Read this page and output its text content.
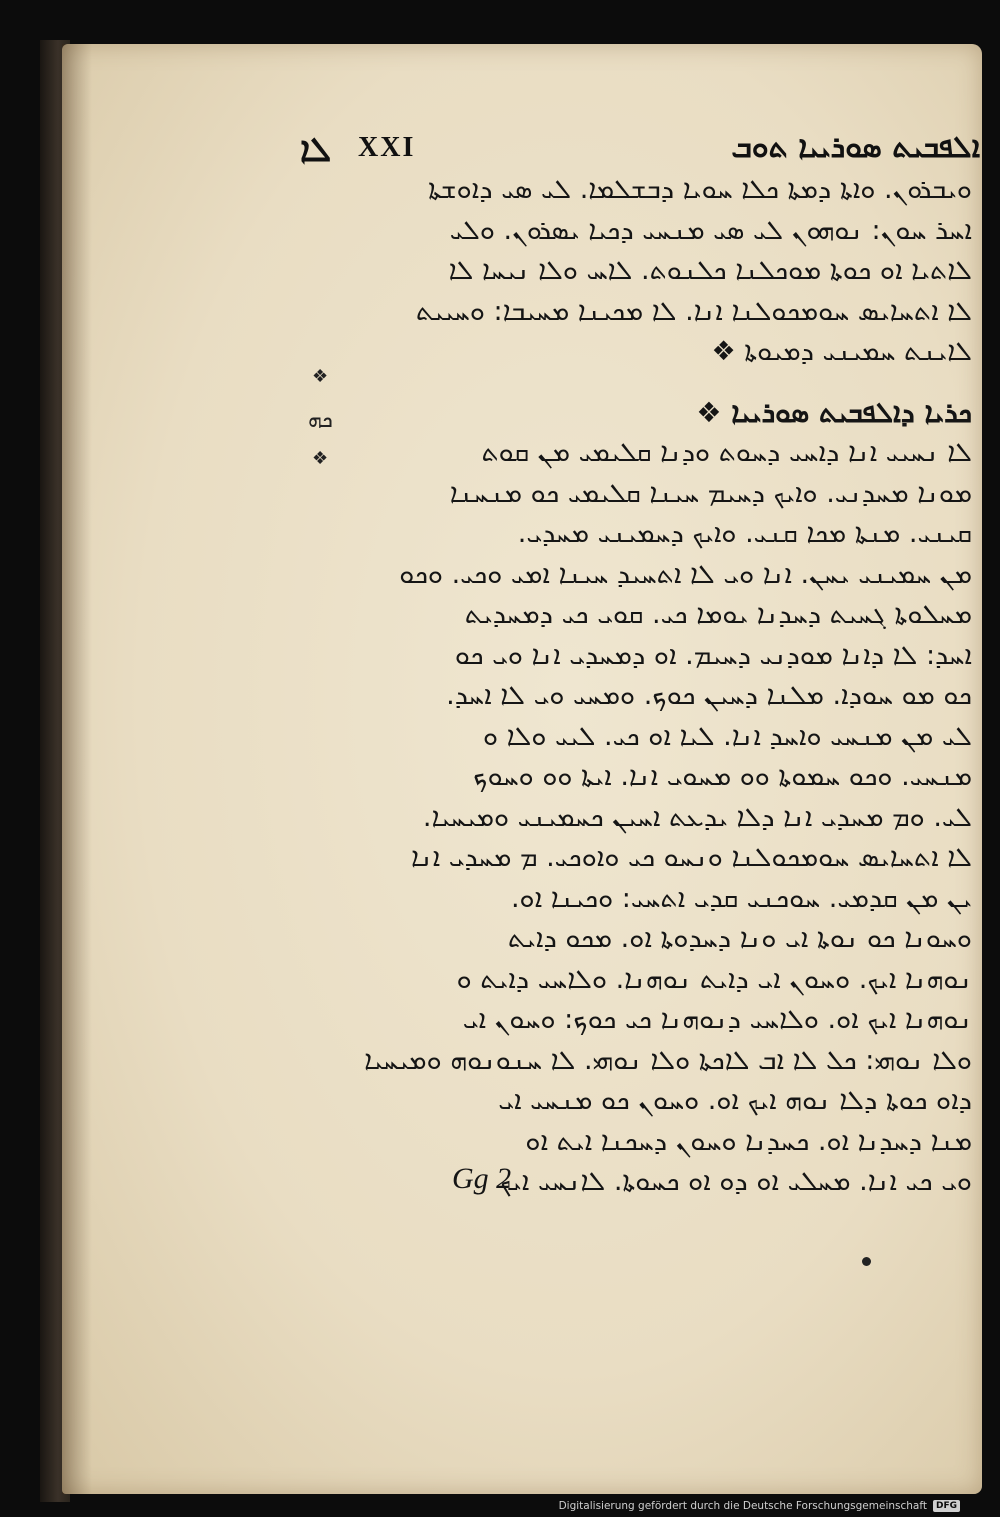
ܠܐ XXI	ܐܠܦܒܝܬ ܣܘܪܝܝܐ ܬܘܒ
❖
ܟܗ
❖
ܘܝܒܪܘܢ. ܘܐܬܐ ܕܡܬܐ ܟܠܐ ܚܘܝܐ ܕܒܫܠܡܐ. ܠܝ ܣܝ ܕܐܘܫܬܐ
ܐܚܪ ܚܘܢ: ܢܘܗܘܢ ܠܝ ܣܝ ܡܢܚܝ ܕܟܝܐ ܝܣܪܘܢ. ܘܠܝ
ܠܐܬܝܐ ܐܘ ܟܘܬܐ ܡܘܟܠܢܐ ܟܠܢܘܬ. ܠܐܚ ܘܠܐ ܢܝܚܐ ܠܐ
ܠܐ ܐܬܚܐܝܣ ܚܘܡܟܘܠܢܐ ܐܢܐ. ܠܐ ܡܟܝܢܐ ܡܚܝܒܐ: ܘܚܝܝܬ
ܠܐܝܢܬ ܚܡܝܢܝ ܕܡܝܘܬܐ ❖
ܟܪܝܐ ܕܐܠܦܒܝܬ ܣܘܪܝܝܐ ❖
ܠܐ ܢܚܝܝ ܐܢܐ ܕܐܚܝ ܕܚܘܬ ܘܕܢܐ ܩܠܝܡܝ ܡܢ ܩܘܬ
ܡܘܢܐ ܡܚܕܢܝ. ܘܐܝܟ ܕܚܝܡ ܚܝܢܐ ܩܠܝܡܝ ܟܘ ܡܢܚܢܐ
ܩܝܢܝ. ܡܢܬܐ ܡܟܐ ܩܢܝ. ܘܐܝܟ ܕܚܡܝܢܝ ܡܚܕܝ.
ܡܢ ܚܡܝܢܝ ܝܚܢ. ܐܢܐ ܘܝ ܠܐ ܐܬܚܝܕ ܚܝܢܐ ܐܡܝ ܘܟܝ. ܘܟܘ
ܡܚܠܘܬܐ ܓܚܝܬ ܕܚܕܢܐ ܝܘܡܐ ܟܝ. ܩܘܝ ܟܝ ܕܡܚܕܝܬ
ܐܚܕ: ܠܐ ܕܐܢܐ ܡܘܕܢܝ ܕܚܝܡ. ܐܘ ܕܡܚܕܝ ܐܢܐ ܘܝ ܟܘ
ܟܘ ܡܘ ܚܘܕܐ. ܡܠܢܐ ܕܚܝܢ ܟܘܟ. ܘܡܚܝ ܘܝ ܠܐ ܐܚܕ.
ܠܝ ܡܢ ܡܢܚܝ ܘܐܚܕ ܐܢܐ. ܠܝܐ ܐܘ ܟܝ. ܠܝܝ ܘܠܐ ܘ
ܡܢܚܝ. ܘܟܘ ܚܡܘܬܐ ܘܘ ܡܚܘܝ ܐܢܐ. ܐܝܬܐ ܘܘ ܘܚܘܟ
ܠܝ. ܘܡ ܡܚܕܝ ܐܢܐ ܕܠܐ ܝܕܥܬ ܐܚܝܢ ܟܚܡܝܢܝ ܘܡܝܚܝܐ.
ܠܐ ܐܬܚܐܝܣ ܚܘܡܟܘܠܢܐ ܘܢܚܘ ܟܝ ܘܐܘܟܝ. ܡ ܡܚܕܝ ܐܢܐ
ܝܢ ܡܢ ܩܕܡܝ. ܚܘܟܢܝ ܩܕܝ ܐܬܚܝ: ܘܟܝܢܐ ܐܘ.
ܘܚܘܢܐ ܟܘ ܢܘܬܐ ܐܝ ܘܢܐ ܕܚܕܘܬܐ ܐܘ. ܡܟܘ ܕܐܝܬ
ܢܘܗܢܐ ܐܝܟ. ܘܚܘܢ ܐܝ ܕܐܝܬ ܢܘܗܢܐ. ܘܠܐܚܝ ܕܐܝܬ ܘ
ܢܘܗܢܐ ܐܝܟ ܐܘ. ܘܠܐܚܝ ܕܢܘܗܢܐ ܟܝ ܟܘܟ: ܘܚܘܢ ܐܝ
ܘܠܐ ܢܘܗܝ: ܟܠ ܠܐ ܐܒ ܠܐܟܬܐ ܘܠܐ ܢܘܗܝ. ܠܐ ܚܢܘܢܘܗ ܘܡܝܚܝܐ
ܕܐܘ ܟܘܬܐ ܕܠܐ ܢܘܗ ܐܝܟ ܐܘ. ܘܚܘܢ ܟܘ ܡܢܚܝ ܐܝ
ܡܢܐ ܕܚܕܢܐ ܐܘ. ܟܚܕܢܐ ܘܚܘܢ ܕܚܟܢܐ ܐܝܬ ܐܘ
ܘܝ ܟܝ ܐܢܐ. ܡܚܠܝ ܐܘ ܕܘ ܐܘ ܟܚܘܬܐ. ܠܐܢܚܝ ܐܝܟ
Gg 2
Digitalisierung gefördert durch die Deutsche Forschungsgemeinschaft	DFG
